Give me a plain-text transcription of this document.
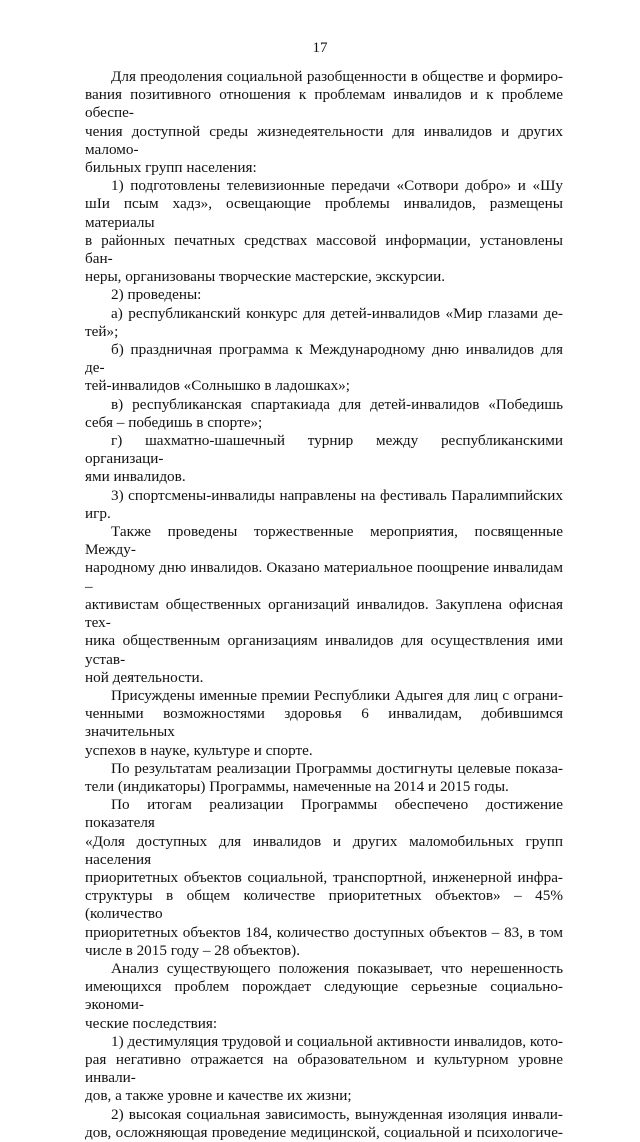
17
Для преодоления социальной разобщенности в обществе и формиро-
вания позитивного отношения к проблемам инвалидов и к проблеме обеспе-
чения доступной среды жизнедеятельности для инвалидов и других маломо-
бильных групп населения:
1) подготовлены телевизионные передачи «Сотвори добро» и «Шу
шIи псым хадз», освещающие проблемы инвалидов, размещены материалы
в районных печатных средствах массовой информации, установлены бан-
неры, организованы творческие мастерские, экскурсии.
2) проведены:
а) республиканский конкурс для детей-инвалидов «Мир глазами де-
тей»;
б) праздничная программа к Международному дню инвалидов для де-
тей-инвалидов «Солнышко в ладошках»;
в) республиканская спартакиада для детей-инвалидов «Победишь
себя – победишь в спорте»;
г) шахматно-шашечный турнир между республиканскими организаци-
ями инвалидов.
3) спортсмены-инвалиды направлены на фестиваль Паралимпийских
игр.
Также проведены торжественные мероприятия, посвященные Между-
народному дню инвалидов. Оказано материальное поощрение инвалидам –
активистам общественных организаций инвалидов. Закуплена офисная тех-
ника общественным организациям инвалидов для осуществления ими устав-
ной деятельности.
Присуждены именные премии Республики Адыгея для лиц с ограни-
ченными возможностями здоровья 6 инвалидам, добившимся значительных
успехов в науке, культуре и спорте.
По результатам реализации Программы достигнуты целевые показа-
тели (индикаторы) Программы, намеченные на 2014 и 2015 годы.
По итогам реализации Программы обеспечено достижение показателя
«Доля доступных для инвалидов и других маломобильных групп населения
приоритетных объектов социальной, транспортной, инженерной инфра-
структуры в общем количестве приоритетных объектов» – 45% (количество
приоритетных объектов 184, количество доступных объектов – 83, в том
числе в 2015 году – 28 объектов).
Анализ существующего положения показывает, что нерешенность
имеющихся проблем порождает следующие серьезные социально-экономи-
ческие последствия:
1) дестимуляция трудовой и социальной активности инвалидов, кото-
рая негативно отражается на образовательном и культурном уровне инвали-
дов, а также уровне и качестве их жизни;
2) высокая социальная зависимость, вынужденная изоляция инвали-
дов, осложняющая проведение медицинской, социальной и психологиче-
